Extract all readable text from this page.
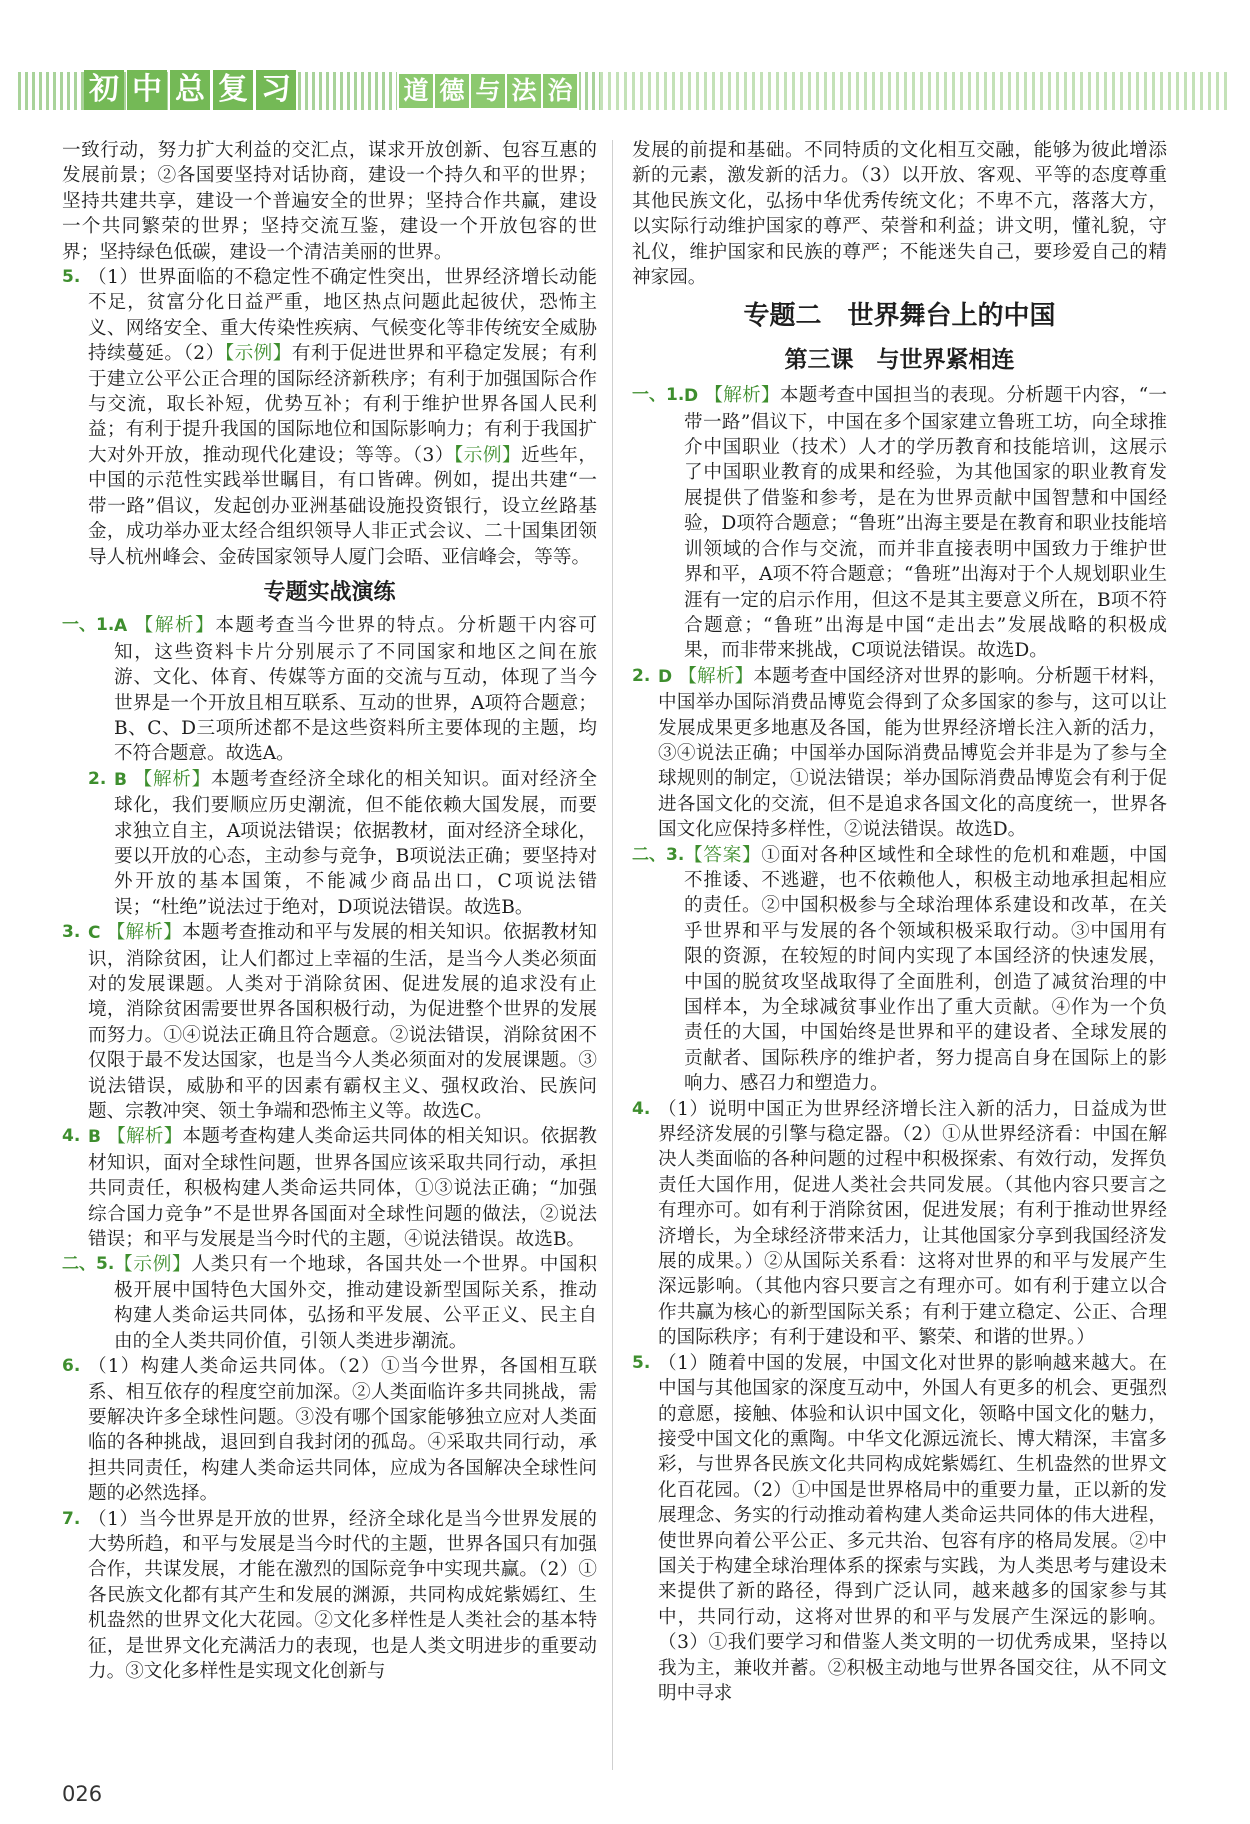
初 中 总 复 习	道 德 与 法 治

一致行动，努力扩大利益的交汇点，谋求开放创新、包容互惠的发展前景；②各国要坚持对话协商，建设一个持久和平的世界；坚持共建共享，建设一个普遍安全的世界；坚持合作共赢，建设一个共同繁荣的世界；坚持交流互鉴，建设一个开放包容的世界；坚持绿色低碳，建设一个清洁美丽的世界。

5. （1）世界面临的不稳定性不确定性突出，世界经济增长动能不足，贫富分化日益严重，地区热点问题此起彼伏，恐怖主义、网络安全、重大传染性疾病、气候变化等非传统安全威胁持续蔓延。（2）【示例】有利于促进世界和平稳定发展；有利于建立公平公正合理的国际经济新秩序；有利于加强国际合作与交流，取长补短，优势互补；有利于维护世界各国人民利益；有利于提升我国的国际地位和国际影响力；有利于我国扩大对外开放，推动现代化建设；等等。（3）【示例】近些年，中国的示范性实践举世瞩目，有口皆碑。例如，提出共建“一带一路”倡议，发起创办亚洲基础设施投资银行，设立丝路基金，成功举办亚太经合组织领导人非正式会议、二十国集团领导人杭州峰会、金砖国家领导人厦门会晤、亚信峰会，等等。

专题实战演练

一、1. A 【解析】本题考查当今世界的特点。分析题干内容可知，这些资料卡片分别展示了不同国家和地区之间在旅游、文化、体育、传媒等方面的交流与互动，体现了当今世界是一个开放且相互联系、互动的世界，A项符合题意；B、C、D三项所述都不是这些资料所主要体现的主题，均不符合题意。故选A。

2. B 【解析】本题考查经济全球化的相关知识。面对经济全球化，我们要顺应历史潮流，但不能依赖大国发展，而要求独立自主，A项说法错误；依据教材，面对经济全球化，要以开放的心态，主动参与竞争，B项说法正确；要坚持对外开放的基本国策，不能减少商品出口，C项说法错误；“杜绝”说法过于绝对，D项说法错误。故选B。

3. C 【解析】本题考查推动和平与发展的相关知识。依据教材知识，消除贫困，让人们都过上幸福的生活，是当今人类必须面对的发展课题。人类对于消除贫困、促进发展的追求没有止境，消除贫困需要世界各国积极行动，为促进整个世界的发展而努力。①④说法正确且符合题意。②说法错误，消除贫困不仅限于最不发达国家，也是当今人类必须面对的发展课题。③说法错误，威胁和平的因素有霸权主义、强权政治、民族问题、宗教冲突、领土争端和恐怖主义等。故选C。

4. B 【解析】本题考查构建人类命运共同体的相关知识。依据教材知识，面对全球性问题，世界各国应该采取共同行动，承担共同责任，积极构建人类命运共同体，①③说法正确；“加强综合国力竞争”不是世界各国面对全球性问题的做法，②说法错误；和平与发展是当今时代的主题，④说法错误。故选B。

二、5. 【示例】人类只有一个地球，各国共处一个世界。中国积极开展中国特色大国外交，推动建设新型国际关系，推动构建人类命运共同体，弘扬和平发展、公平正义、民主自由的全人类共同价值，引领人类进步潮流。

6. （1）构建人类命运共同体。（2）①当今世界，各国相互联系、相互依存的程度空前加深。②人类面临许多共同挑战，需要解决许多全球性问题。③没有哪个国家能够独立应对人类面临的各种挑战，退回到自我封闭的孤岛。④采取共同行动，承担共同责任，构建人类命运共同体，应成为各国解决全球性问题的必然选择。

7. （1）当今世界是开放的世界，经济全球化是当今世界发展的大势所趋，和平与发展是当今时代的主题，世界各国只有加强合作，共谋发展，才能在激烈的国际竞争中实现共赢。（2）①各民族文化都有其产生和发展的渊源，共同构成姹紫嫣红、生机盎然的世界文化大花园。②文化多样性是人类社会的基本特征，是世界文化充满活力的表现，也是人类文明进步的重要动力。③文化多样性是实现文化创新与

发展的前提和基础。不同特质的文化相互交融，能够为彼此增添新的元素，激发新的活力。（3）以开放、客观、平等的态度尊重其他民族文化，弘扬中华优秀传统文化；不卑不亢，落落大方，以实际行动维护国家的尊严、荣誉和利益；讲文明，懂礼貌，守礼仪，维护国家和民族的尊严；不能迷失自己，要珍爱自己的精神家园。

专题二　世界舞台上的中国
第三课　与世界紧相连

一、1. D 【解析】本题考查中国担当的表现。分析题干内容，“一带一路”倡议下，中国在多个国家建立鲁班工坊，向全球推介中国职业（技术）人才的学历教育和技能培训，这展示了中国职业教育的成果和经验，为其他国家的职业教育发展提供了借鉴和参考，是在为世界贡献中国智慧和中国经验，D项符合题意；“鲁班”出海主要是在教育和职业技能培训领域的合作与交流，而并非直接表明中国致力于维护世界和平，A项不符合题意；“鲁班”出海对于个人规划职业生涯有一定的启示作用，但这不是其主要意义所在，B项不符合题意；“鲁班”出海是中国“走出去”发展战略的积极成果，而非带来挑战，C项说法错误。故选D。

2. D 【解析】本题考查中国经济对世界的影响。分析题干材料，中国举办国际消费品博览会得到了众多国家的参与，这可以让发展成果更多地惠及各国，能为世界经济增长注入新的活力，③④说法正确；中国举办国际消费品博览会并非是为了参与全球规则的制定，①说法错误；举办国际消费品博览会有利于促进各国文化的交流，但不是追求各国文化的高度统一，世界各国文化应保持多样性，②说法错误。故选D。

二、3. 【答案】①面对各种区域性和全球性的危机和难题，中国不推诿、不逃避，也不依赖他人，积极主动地承担起相应的责任。②中国积极参与全球治理体系建设和改革，在关乎世界和平与发展的各个领域积极采取行动。③中国用有限的资源，在较短的时间内实现了本国经济的快速发展，中国的脱贫攻坚战取得了全面胜利，创造了减贫治理的中国样本，为全球减贫事业作出了重大贡献。④作为一个负责任的大国，中国始终是世界和平的建设者、全球发展的贡献者、国际秩序的维护者，努力提高自身在国际上的影响力、感召力和塑造力。

4. （1）说明中国正为世界经济增长注入新的活力，日益成为世界经济发展的引擎与稳定器。（2）①从世界经济看：中国在解决人类面临的各种问题的过程中积极探索、有效行动，发挥负责任大国作用，促进人类社会共同发展。（其他内容只要言之有理亦可。如有利于消除贫困，促进发展；有利于推动世界经济增长，为全球经济带来活力，让其他国家分享到我国经济发展的成果。）②从国际关系看：这将对世界的和平与发展产生深远影响。（其他内容只要言之有理亦可。如有利于建立以合作共赢为核心的新型国际关系；有利于建立稳定、公正、合理的国际秩序；有利于建设和平、繁荣、和谐的世界。）

5. （1）随着中国的发展，中国文化对世界的影响越来越大。在中国与其他国家的深度互动中，外国人有更多的机会、更强烈的意愿，接触、体验和认识中国文化，领略中国文化的魅力，接受中国文化的熏陶。中华文化源远流长、博大精深，丰富多彩，与世界各民族文化共同构成姹紫嫣红、生机盎然的世界文化百花园。（2）①中国是世界格局中的重要力量，正以新的发展理念、务实的行动推动着构建人类命运共同体的伟大进程，使世界向着公平公正、多元共治、包容有序的格局发展。②中国关于构建全球治理体系的探索与实践，为人类思考与建设未来提供了新的路径，得到广泛认同，越来越多的国家参与其中，共同行动，这将对世界的和平与发展产生深远的影响。（3）①我们要学习和借鉴人类文明的一切优秀成果，坚持以我为主，兼收并蓄。②积极主动地与世界各国交往，从不同文明中寻求

026
